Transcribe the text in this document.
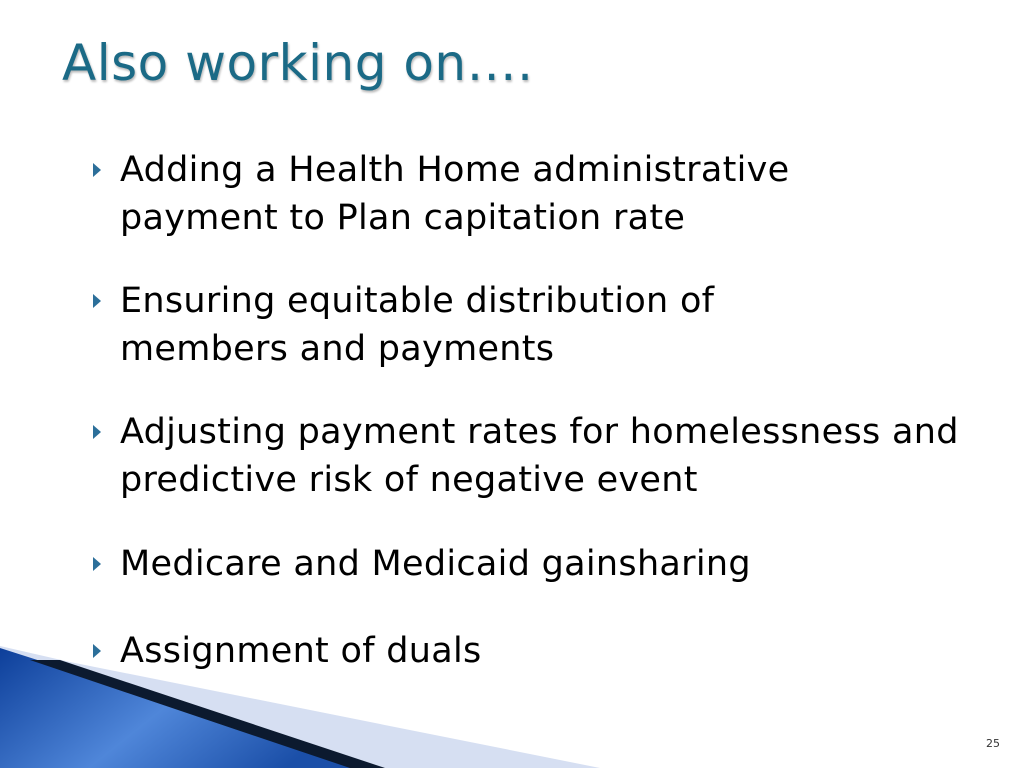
Also working on….
Adding a Health Home administrative payment to Plan capitation rate
Ensuring equitable distribution of members and payments
Adjusting payment rates for homelessness and predictive risk of negative event
Medicare and Medicaid gainsharing
Assignment of duals
25
